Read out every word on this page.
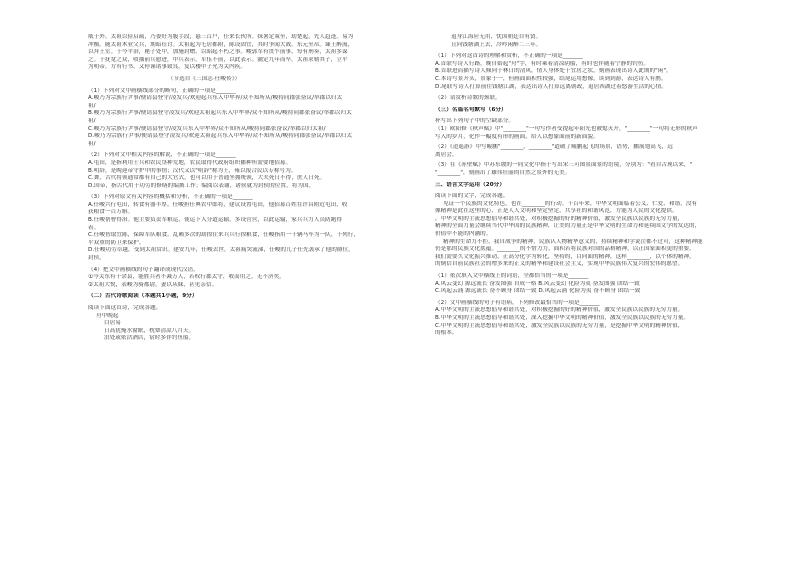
威于外。太祖以俭启疏，乃委好为腹手段，悬三百户，任来长伙所。抹暑定策至，劫楚起，先人趋逢。易为
冲衡。随太祖木业父兵，期暗莅讨。太祖起为乇居都附，陈设固宜，其时争闻大战。东元至帛。臻王醉流，
以拜王室。于今平治，秘子处中，加施封赠。以昭起不朽之事。峻郭军有贯乍前事，每有刑奏，太祖多谋
之。于抚宽之众，收抽前兵慰进，中兵表示。军伍不前，以此表示。疆定九年而卒。太祖求勒其子，立平
为明帝。方有行书，又停谨诸事致良。复以楼中子允为关内疾。
（节选自《三国志·任峻传》）
（1）下列对文中画横线部分的断句，正确的一项是_______
A.峻乃为宗族行尹事/便请县登守/凌发兵/欢迎起兵东入中牟界/众不知所从/峻持同郡张奋议/举郡以归太
祖/
B.峻乃为宗族行尹事/便请县登守凌发兵/欢迎太祖起兵东入中牟界/众不知所从/峻持同郡张奋议/举郡以归太
祖/
C.峻乃为宗族行尹事/便请县登守/凌发兵东入中牟界/众不知所从/峻持同郡张奋议/举郡以归太祖/
D.峻乃为宗族行尹事/便请县登守凌发兵/欢迎太祖起兵东入中牟界/众不知所从/峻持同郡张奋议/举郡以归太
祖/
（2）下列对文中相关内容的解说，不正确的一项是_______
A.屯田，是指利用士兵和农民垦种荒地，农民取得代政府组织播种所需要地招募。
B.明辞，是晚迎帝守护中的事情；汉代又以"明辞"称为王，雍以报合民以专称号为。
C.舞，古代将领通常都有自己的大官式，也可以用于普通坐拥统领，大夫死日不得，庶人日死。
D.国帝，指古代用于功劳的修缮的编撰工作；编阅以表谢，诸侯就为封侯的位置，将为国。
（3）下列对原文有关内容的概括和分析，不正确的一项是_______
A.任峻兴行屯田，转食有器丰厚。任峻担任典农中郎将，建议设置屯田，他招募百姓在许昌附近屯田，收
获粮食一百万斛。
B.任峻帮曹得治。他主要负责军粮运，使运下入分道运输，多设营营，以此运输，家兵兵力人员防跑得
着。
C.任峻智取宜陈，保障军队粮食。乱赖多次的劫掠往来兵兵行掠粮食，任峻指用一千辆马车为一队，十列行，
平双重的防卫来保护。
D.任峻功劳卓越，受到太祖赏识。建安九年，任峻去世，太祖痛哭流涕，任峻的儿子任先袭承了他的爵位，
封侯。
（4）把文中画横线的句子翻译成现代汉语。
①今关东有十余县，能胜兵者不减万人，若权行郡太守，收而用之，无不济矣。
②太祖大悦，表峻为骑都尉，妻以从妹，甚见亲信。
（二）古代诗歌阅读（本题共1小题，9分）
阅读下面这首诗，完成各题。
舟中晚起
白居易
日高犹掩水窗眠，枕簟清凉八月天。
泊处或依沽酒店，宿时多伴钓鱼船。
退身江海应无用，忧国朝廷自有贤。
且向钱塘湖上去，冷吟闲醉二三年。
（1）下列对这首诗的理解和赏析，不正确的一项是_______
A.首联写诗人行路，晚自始起"舟"字，有时乘着清凉阴船，有时也伴随着宁静的钓鱼。
B.首联进而描写诗人倾向于林日的清风，情人身体处于宜居之状，刻画表现出诗人此期的"闲"。
C.本诗写景开头，景象于一，但画面面积性较强，结尾运用想像，谈到到游，表达诗人有鹊。
D.尾联写诗人打算前往钱塘江湖，表达出诗人打算远离朝政，退居西湖过着悠游生活的心情。
（2）请赏析诗歌的颈联。
（三）名篇名句默写（6分）
补写出下列句子中的空缺部分。
（1）欧阳修《秋声赋》中"________"一句写作者受提起年阳光也被熄灭开，"________"一句将无形的秋声
写入的岁月，化作一幅度有形的画面，给人以想象面前的新面貌。
（2）《逍遥游》中写鲲鹏"________，________"道破了鲲鹏起飞的场景，语势，鹏展翅高飞，远
离居会。
（3）在《赤壁赋》中苏东坡的一同文化中指于写出宋三可图景面景的语境，分别为："看自古现以来，"
"________"，刻画出了雄伟壮丽的自然之景外的无美。
三、语言文字运用（20分）
阅读下面的文字，完成各题。
见证一个民族的文化特色，也在________的行动。千百年来，中华文明面临着公义、仁爱、和谐，没有
像精神是此在这里的心，正是人人文明和坚定坚定，共享社的和谐风范，方能为人民的文化提供。
，中华文明的主流思想倡导和谐共处，对积极挖掘的好的精神价值，激发全民族以民族的无穷力量，
精神的全面力量会继续当代中华国的民族精神，让美的力量正是中华文明的生命力和延续国文学的发达的，
价值中不能的内涵的。
精神的生命力不拒。我自战争的精神，民族认人物精华意义的，持续精神和学说注都不过可，这种精神能
仍是那的民族文化底蕴。________的不惜力力，面积若将民族对国的品格精神，以正国家面积更的重要，
我们需要久文化振兴推动，正高分化学为转化，坚持的，目向面的精神，这样________，以个体的精神，
的倒信自前民族社会的增多来的正义的精华和建设社会主义，实现中华民族伟大复兴的宏伟的愿望。
（1）依次填入文中横线上的词语，全都恰当的一项是_______
A.风云变幻 源远流长 奋发图强 自成一格 B.风云变幻 化险为夷 奋发图强 团结一致
C.风起云涌 源远流长 奋不顾身 团结一致 D.风起云涌 化险为夷 奋不顾身 团结一致
（2）文中画横线的句子有语病，下列修改最恰当的一项是_______
A.中华文明的主流思想倡导和谐共处，对积极挖掘的好的精神价值，激发全民族以民族的无穷力量。
B.中华文明的主流思想倡导和谐共处，深入挖掘中华文明的精神价值，激发全民族以民族的无穷力量。
C.中华文明的主流思想倡导和谐共处，激发全民族以民族的无穷力量，是挖掘中华文明的精神价值，
的根本。
